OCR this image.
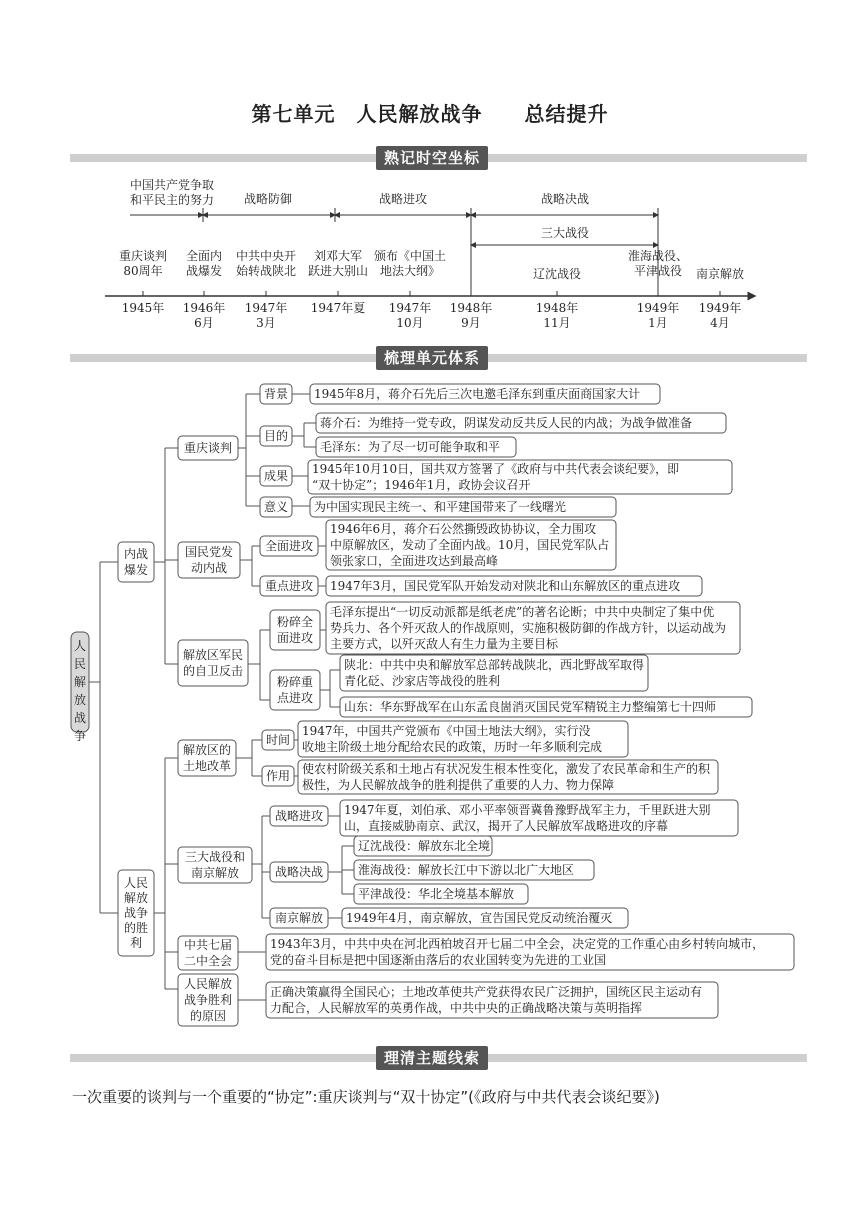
第七单元　人民解放战争　　总结提升
熟记时空坐标
梳理单元体系
理清主题线索
中国共产党争取和平民主的努力 战略防御	战略进攻	战略决战
三大战役
重庆谈判 80周年
1945年
全面内战爆发
1946年 6月
中共中央开始转战陕北
1947年 3月
刘邓大军跃进大别山
1947年夏
颁布《中国土地法大纲》
1947年 10月
1948年 9月
辽沈战役
1948年 11月
淮海战役、平津战役
1949年 1月
南京解放
1949年 4月
人民解放战争
内战爆发
人民解放战争的胜利
重庆谈判
国民党发动内战
解放区军民的自卫反击
背景
目的
成果
意义
1945年8月，蒋介石先后三次电邀毛泽东到重庆面商国家大计
蒋介石：为维持一党专政，阴谋发动反共反人民的内战；为战争做准备
毛泽东：为了尽一切可能争取和平
1945年10月10日，国共双方签署了《政府与中共代表会谈纪要》，即“双十协定”；1946年1月，政协会议召开
为中国实现民主统一、和平建国带来了一线曙光
全面进攻
重点进攻
1946年6月，蒋介石公然撕毁政协协议，全力围攻中原解放区，发动了全面内战。10月，国民党军队占领张家口，全面进攻达到最高峰
1947年3月，国民党军队开始发动对陕北和山东解放区的重点进攻
粉碎全面进攻
粉碎重点进攻
毛泽东提出“一切反动派都是纸老虎”的著名论断；中共中央制定了集中优势兵力、各个歼灭敌人的作战原则，实施积极防御的作战方针，以运动战为主要方式，以歼灭敌人有生力量为主要目标
陕北：中共中央和解放军总部转战陕北，西北野战军取得青化砭、沙家店等战役的胜利
山东：华东野战军在山东孟良崮消灭国民党军精锐主力整编第七十四师
解放区的土地改革
三大战役和南京解放
中共七届二中全会
人民解放战争胜利的原因
时间
作用
1947年，中国共产党颁布《中国土地法大纲》，实行没收地主阶级土地分配给农民的政策，历时一年多顺利完成
使农村阶级关系和土地占有状况发生根本性变化，激发了农民革命和生产的积极性，为人民解放战争的胜利提供了重要的人力、物力保障
战略进攻
战略决战
南京解放
1947年夏，刘伯承、邓小平率领晋冀鲁豫野战军主力，千里跃进大别山，直接威胁南京、武汉，揭开了人民解放军战略进攻的序幕
辽沈战役：解放东北全境
淮海战役：解放长江中下游以北广大地区
平津战役：华北全境基本解放
1949年4月，南京解放，宣告国民党反动统治覆灭
1943年3月，中共中央在河北西柏坡召开七届二中全会，决定党的工作重心由乡村转向城市，党的奋斗目标是把中国逐渐由落后的农业国转变为先进的工业国
正确决策赢得全国民心；土地改革使共产党获得农民广泛拥护，国统区民主运动有力配合，人民解放军的英勇作战，中共中央的正确战略决策与英明指挥
一次重要的谈判与一个重要的“协定”:重庆谈判与“双十协定”(《政府与中共代表会谈纪要》)
